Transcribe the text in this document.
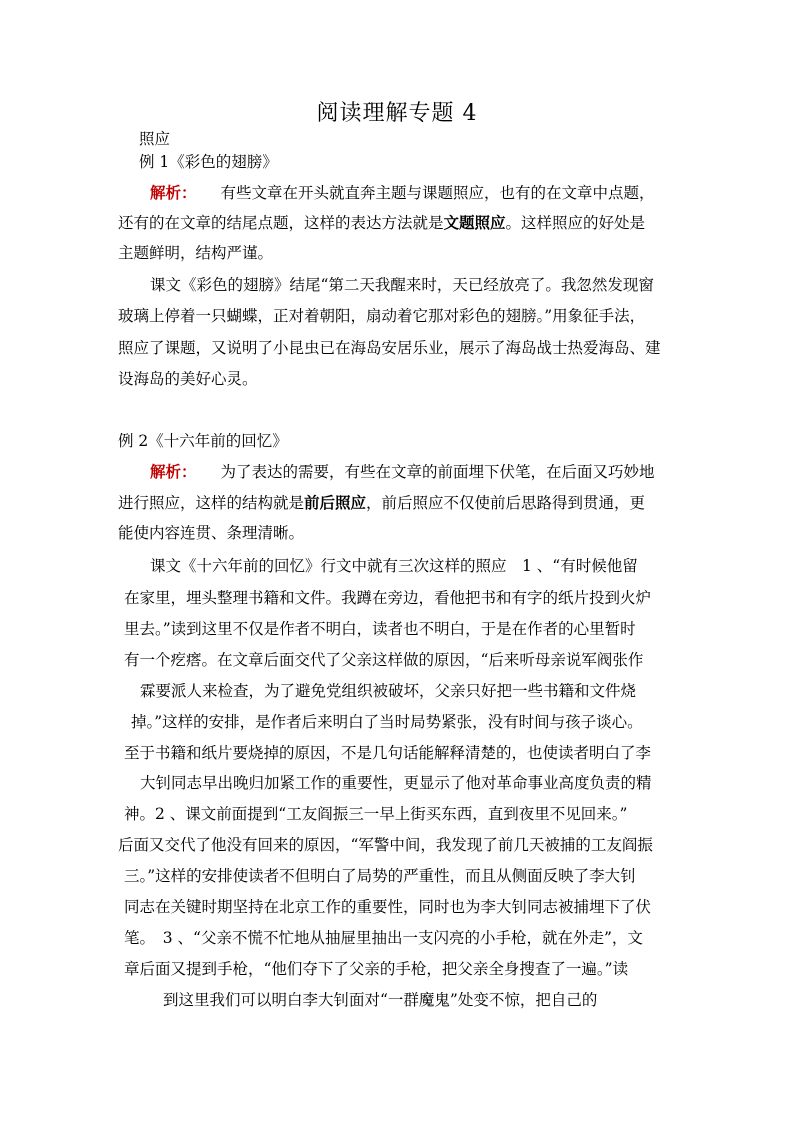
阅读理解专题 4
照应
例 1《彩色的翅膀》
解析： 有些文章在开头就直奔主题与课题照应，也有的在文章中点题，
还有的在文章的结尾点题，这样的表达方法就是文题照应。这样照应的好处是
主题鲜明，结构严谨。
课文《彩色的翅膀》结尾“第二天我醒来时，天已经放亮了。我忽然发现窗
玻璃上停着一只蝴蝶，正对着朝阳，扇动着它那对彩色的翅膀。”用象征手法，
照应了课题，又说明了小昆虫已在海岛安居乐业，展示了海岛战士热爱海岛、建
设海岛的美好心灵。
例 2《十六年前的回忆》
解析： 为了表达的需要，有些在文章的前面埋下伏笔，在后面又巧妙地
进行照应，这样的结构就是前后照应，前后照应不仅使前后思路得到贯通，更
能使内容连贯、条理清晰。
课文《十六年前的回忆》行文中就有三次这样的照应　1 、“有时候他留
在家里，埋头整理书籍和文件。我蹲在旁边，看他把书和有字的纸片投到火炉
里去。”读到这里不仅是作者不明白，读者也不明白，于是在作者的心里暂时
有一个疙瘩。在文章后面交代了父亲这样做的原因，“后来听母亲说军阀张作
霖要派人来检查，为了避免党组织被破坏，父亲只好把一些书籍和文件烧
掉。”这样的安排，是作者后来明白了当时局势紧张，没有时间与孩子谈心。
至于书籍和纸片要烧掉的原因，不是几句话能解释清楚的，也使读者明白了李
大钊同志早出晚归加紧工作的重要性，更显示了他对革命事业高度负责的精
神。2 、课文前面提到“工友阎振三一早上街买东西，直到夜里不见回来。”
后面又交代了他没有回来的原因，“军警中间，我发现了前几天被捕的工友阎振
三。”这样的安排使读者不但明白了局势的严重性，而且从侧面反映了李大钊
同志在关键时期坚持在北京工作的重要性，同时也为李大钊同志被捕埋下了伏
笔。　3 、“父亲不慌不忙地从抽屉里抽出一支闪亮的小手枪，就在外走”，文
章后面又提到手枪，“他们夺下了父亲的手枪，把父亲全身搜查了一遍。”读
到这里我们可以明白李大钊面对“一群魔鬼”处变不惊，把自己的
